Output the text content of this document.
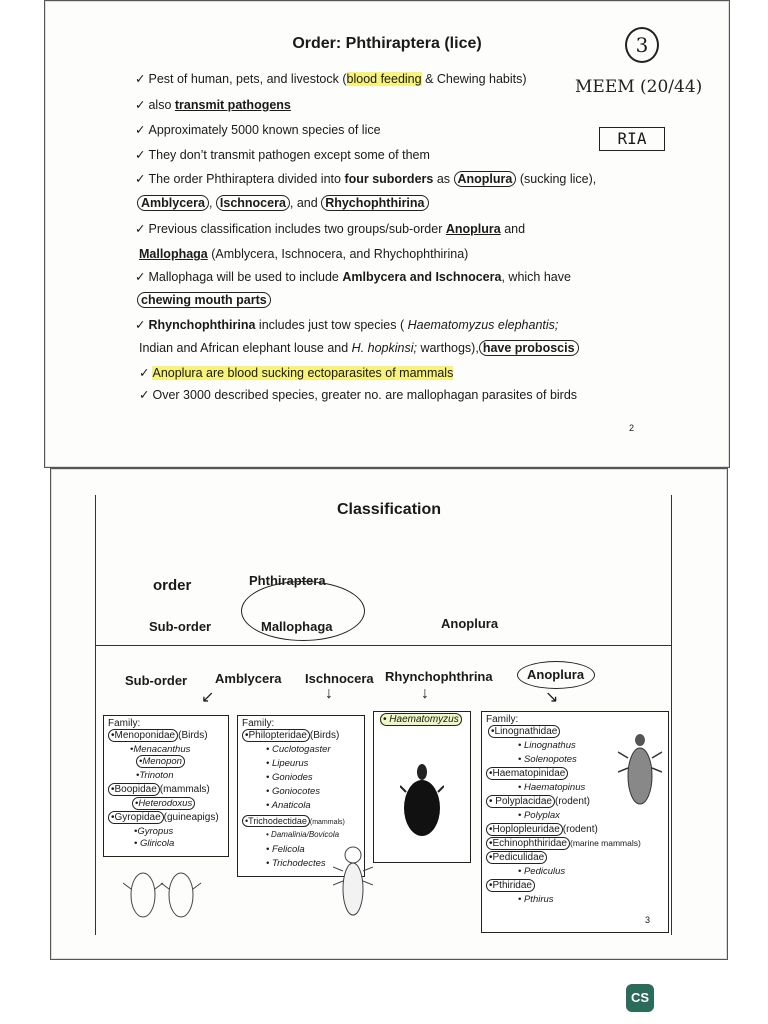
Order: Phthiraptera (lice)	3
MEEM (20/44)
RIA
✓ Pest of human, pets, and livestock (blood feeding & Chewing habits)
✓ also transmit pathogens
✓ Approximately 5000 known species of lice
✓ They don’t transmit pathogen except some of them
✓ The order Phthiraptera divided into four suborders as Anoplura (sucking lice),
Amblycera , Ischnocera , and Rhychophthirina
✓ Previous classification includes two groups/sub-order Anoplura and
Mallophaga (Amblycera, Ischnocera, and Rhychophthirina)
✓ Mallophaga will be used to include Amlbycera and Ischnocera, which have
chewing mouth parts
✓ Rhynchophthirina includes just tow species ( Haematomyzus elephantis;
Indian and African elephant louse and H. hopkinsi; warthogs), have proboscis
✓ Anoplura are blood sucking ectoparasites of mammals
✓ Over 3000 described species, greater no. are mallophagan parasites of birds
2
Classification
order	Phthiraptera
Sub-order	Mallophaga	Anoplura
Sub-order Amblycera Ischnocera Rhynchophthrina	Anoplura
↙	↓	↓	↘
Family:
•Menoponidae (Birds)
•Menacanthus
•Menopon
•Trinoton
•Boopidae (mammals)
•Heterodoxus
•Gyropidae (guineapigs)
•Gyropus
• Gliricola
Family:
•Philopteridae (Birds)
• Cuclotogaster
• Lipeurus
• Goniodes
• Goniocotes
• Anaticola
•Trichodectidae (mammals)
• Damalinia/Bovicola
• Felicola
• Trichodectes
• Haematomyzus	Family:
•Linognathidae
• Linognathus
• Solenopotes
•Haematopinidae
• Haematopinus
• Polyplacidae (rodent)
• Polyplax
•Hoplopleuridae (rodent)
•Echinophthiridae (marine mammals)
•Pediculidae
• Pediculus
•Pthiridae
• Pthirus
3
CS
